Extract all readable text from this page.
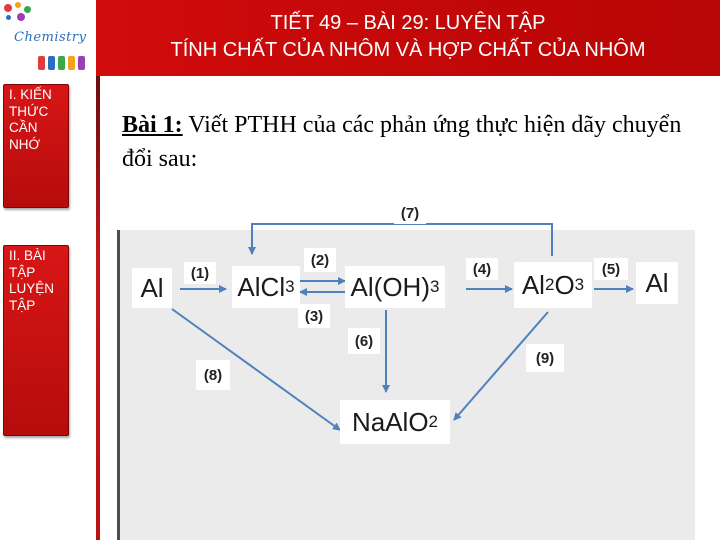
Chemistry
TIẾT 49 – BÀI 29: LUYỆN TẬP
TÍNH CHẤT CỦA NHÔM VÀ HỢP CHẤT CỦA NHÔM
I. KIẾN THỨC CẦN NHỚ
II. BÀI TẬP LUYỆN TẬP
Bài 1: Viết PTHH của các phản ứng thực hiện dãy chuyển đổi sau:
Al	AlCl 3 Al(OH) 3	Al 2 O 3 Al
NaAlO 2
(1)
(2)
(3)
(4)	(5)
(6)
(7)
(8)
(9)
